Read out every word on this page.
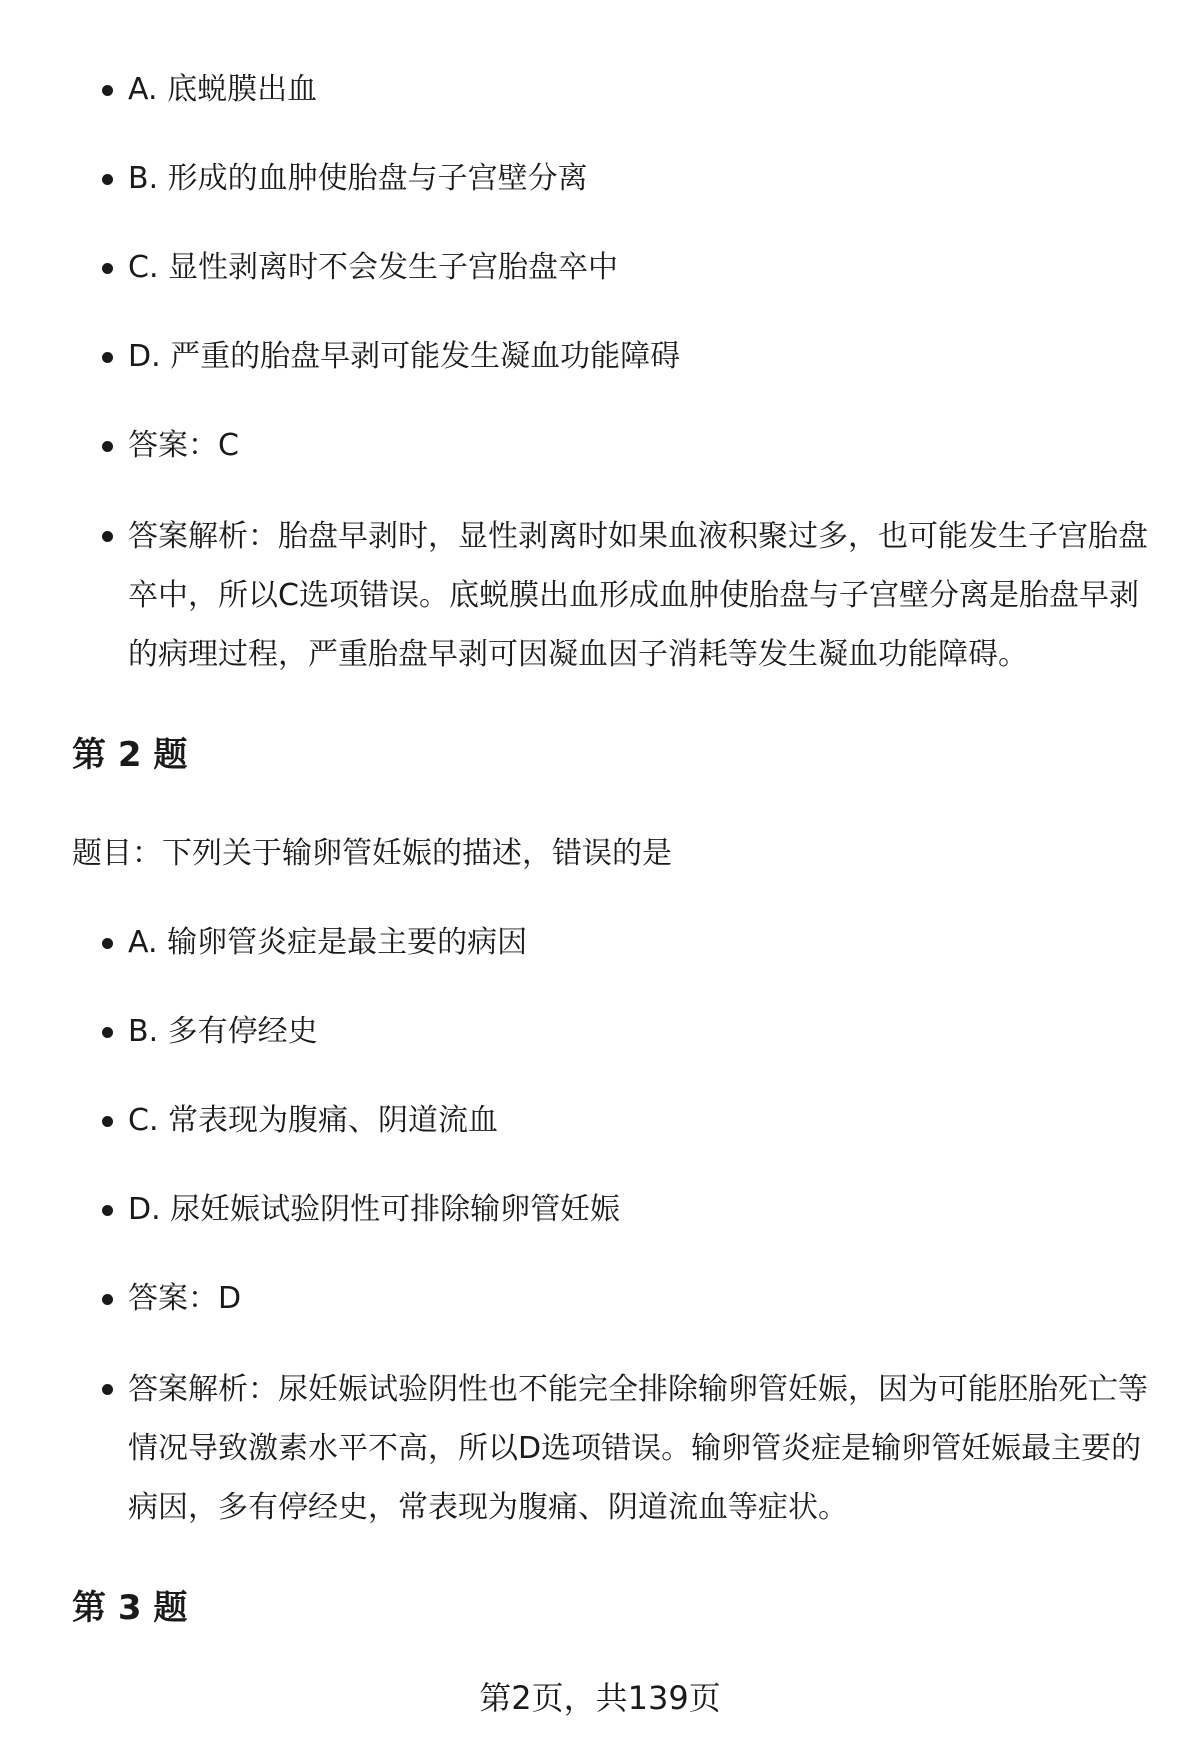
A. 底蜕膜出血
B. 形成的血肿使胎盘与子宫壁分离
C. 显性剥离时不会发生子宫胎盘卒中
D. 严重的胎盘早剥可能发生凝血功能障碍
答案：C
答案解析：胎盘早剥时，显性剥离时如果血液积聚过多，也可能发生子宫胎盘卒中，所以C选项错误。底蜕膜出血形成血肿使胎盘与子宫壁分离是胎盘早剥的病理过程，严重胎盘早剥可因凝血因子消耗等发生凝血功能障碍。
第 2 题
题目：下列关于输卵管妊娠的描述，错误的是
A. 输卵管炎症是最主要的病因
B. 多有停经史
C. 常表现为腹痛、阴道流血
D. 尿妊娠试验阴性可排除输卵管妊娠
答案：D
答案解析：尿妊娠试验阴性也不能完全排除输卵管妊娠，因为可能胚胎死亡等情况导致激素水平不高，所以D选项错误。输卵管炎症是输卵管妊娠最主要的病因，多有停经史，常表现为腹痛、阴道流血等症状。
第 3 题
第2页，共139页
